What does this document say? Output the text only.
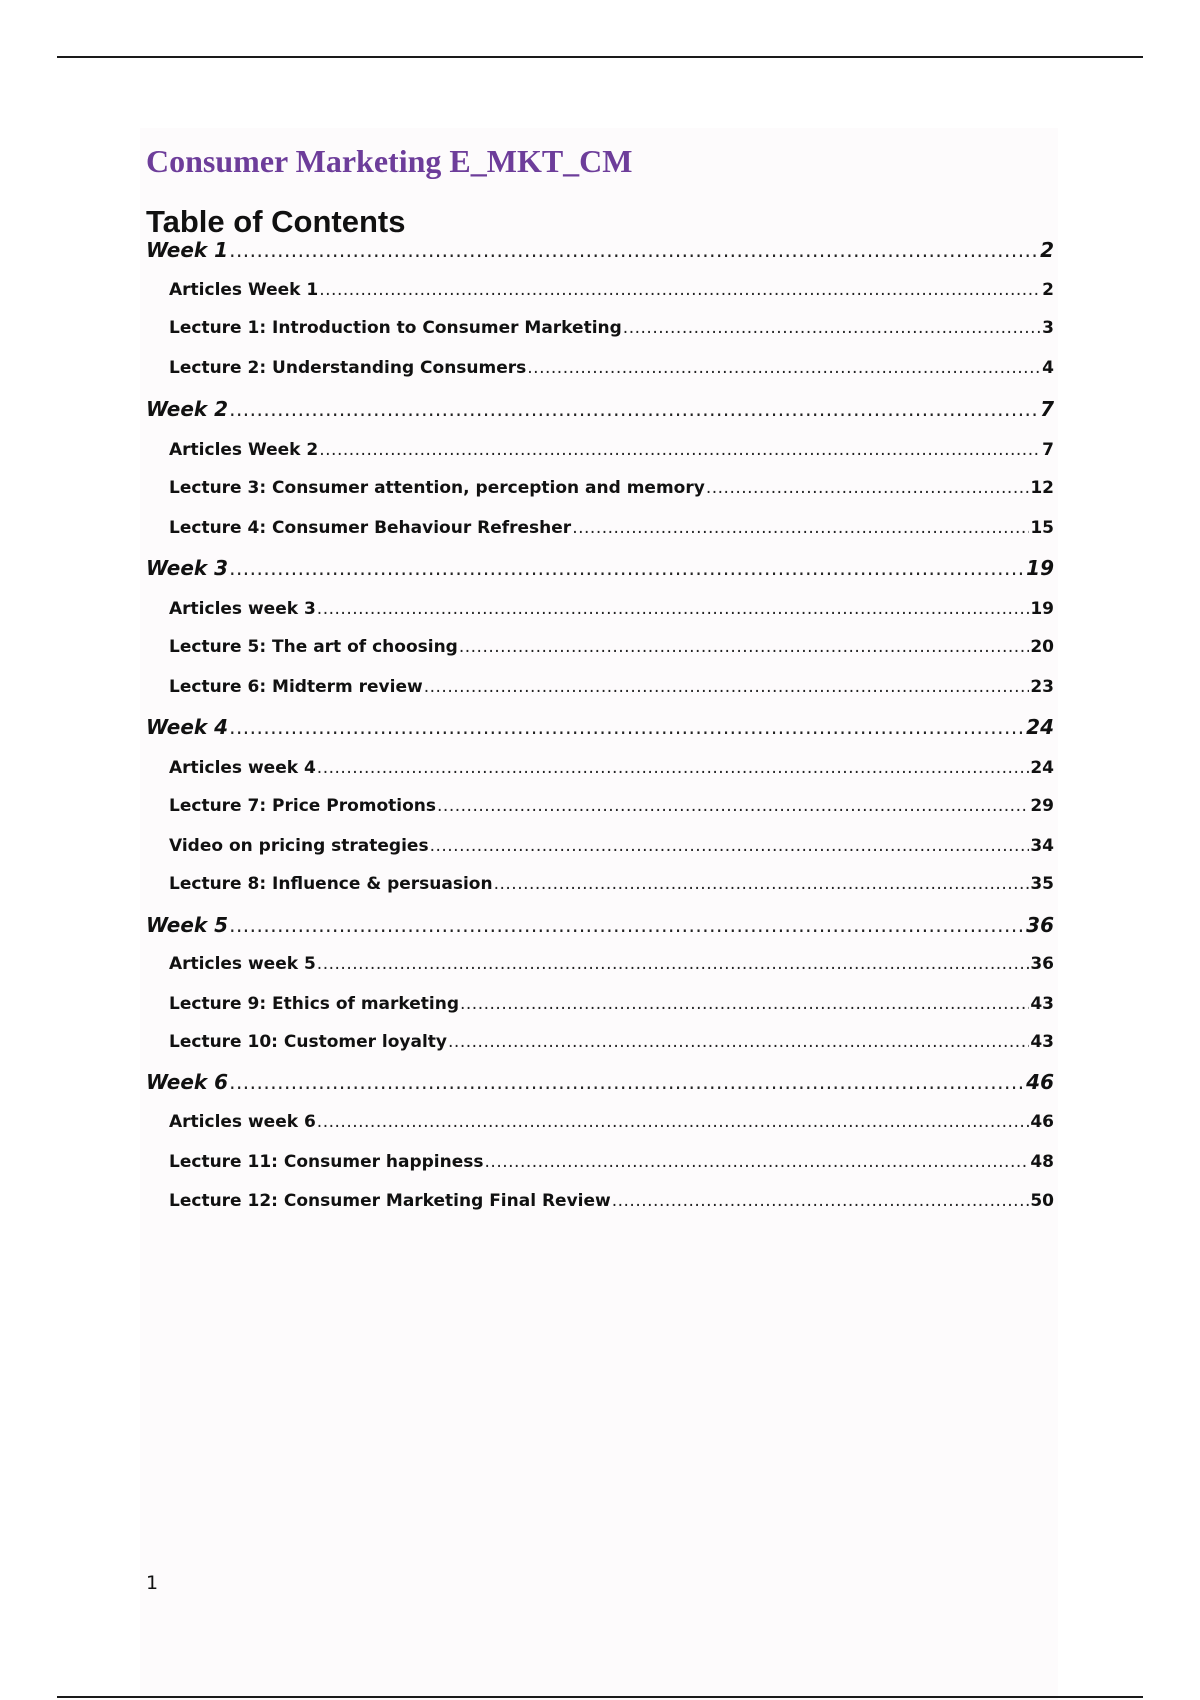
Consumer Marketing E_MKT_CM
Table of Contents
Week 1 .....	2
Articles Week 1 .....	2
Lecture 1: Introduction to Consumer Marketing .....	3
Lecture 2: Understanding Consumers .....	4
Week 2 .....	7
Articles Week 2 .....	7
Lecture 3: Consumer attention, perception and memory .....	12
Lecture 4: Consumer Behaviour Refresher .....	15
Week 3 .....	19
Articles week 3 .....	19
Lecture 5: The art of choosing .....	20
Lecture 6: Midterm review .....	23
Week 4 .....	24
Articles week 4 .....	24
Lecture 7: Price Promotions .....	29
Video on pricing strategies .....	34
Lecture 8: Influence & persuasion .....	35
Week 5 .....	36
Articles week 5 .....	36
Lecture 9: Ethics of marketing .....	43
Lecture 10: Customer loyalty .....	43
Week 6 .....	46
Articles week 6 .....	46
Lecture 11: Consumer happiness .....	48
Lecture 12: Consumer Marketing Final Review .....	50
1
